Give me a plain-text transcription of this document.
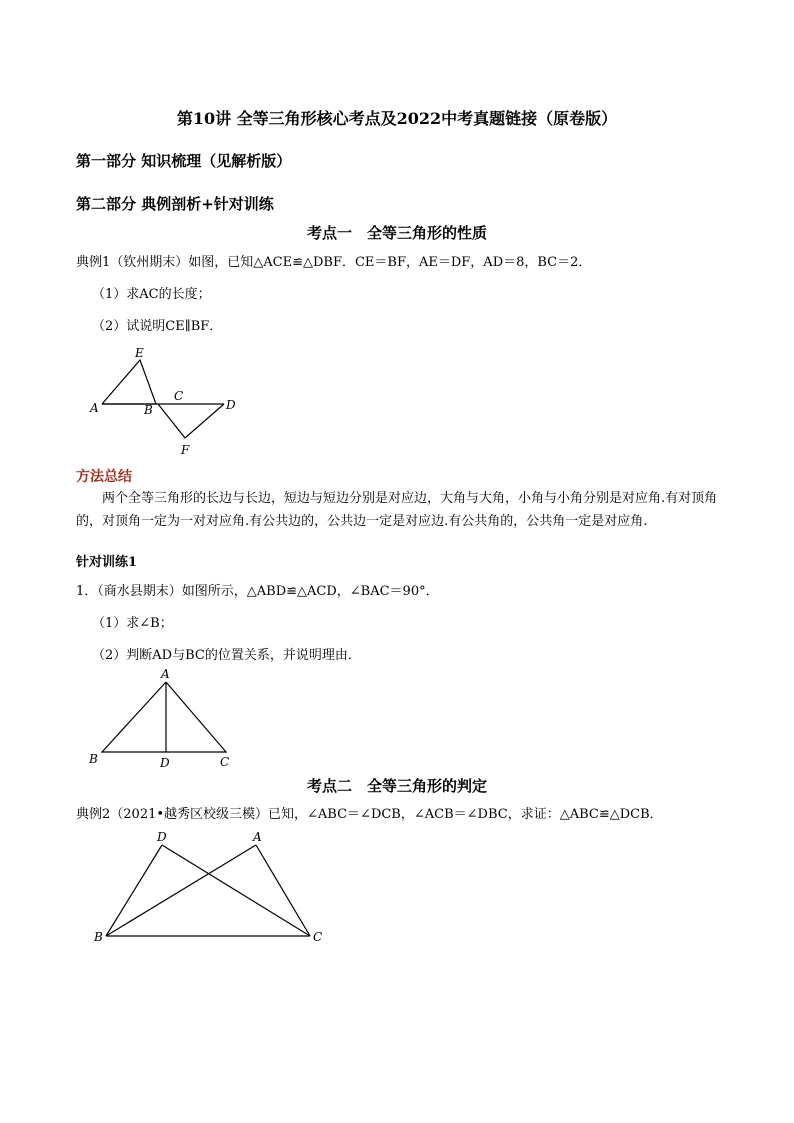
第10讲 全等三角形核心考点及2022中考真题链接（原卷版）
第一部分 知识梳理（见解析版）
第二部分 典例剖析+针对训练
考点一　全等三角形的性质
典例1（钦州期末）如图，已知△ACE≌△DBF．CE＝BF，AE＝DF，AD＝8，BC＝2．
（1）求AC的长度；
（2）试说明CE∥BF．
E
A	B
C
D
F
方法总结

两个全等三角形的长边与长边，短边与短边分别是对应边，大角与大角，小角与小角分别是对应角.有对顶角的，对顶角一定为一对对应角.有公共边的，公共边一定是对应边.有公共角的，公共角一定是对应角.

针对训练1
1．（商水县期末）如图所示，△ABD≌△ACD，∠BAC＝90°．
（1）求∠B；
（2）判断AD与BC的位置关系，并说明理由．
A
B	D	C
考点二　全等三角形的判定
典例2（2021•越秀区校级三模）已知，∠ABC＝∠DCB，∠ACB＝∠DBC，求证：△ABC≌△DCB．
D	A
B	C
